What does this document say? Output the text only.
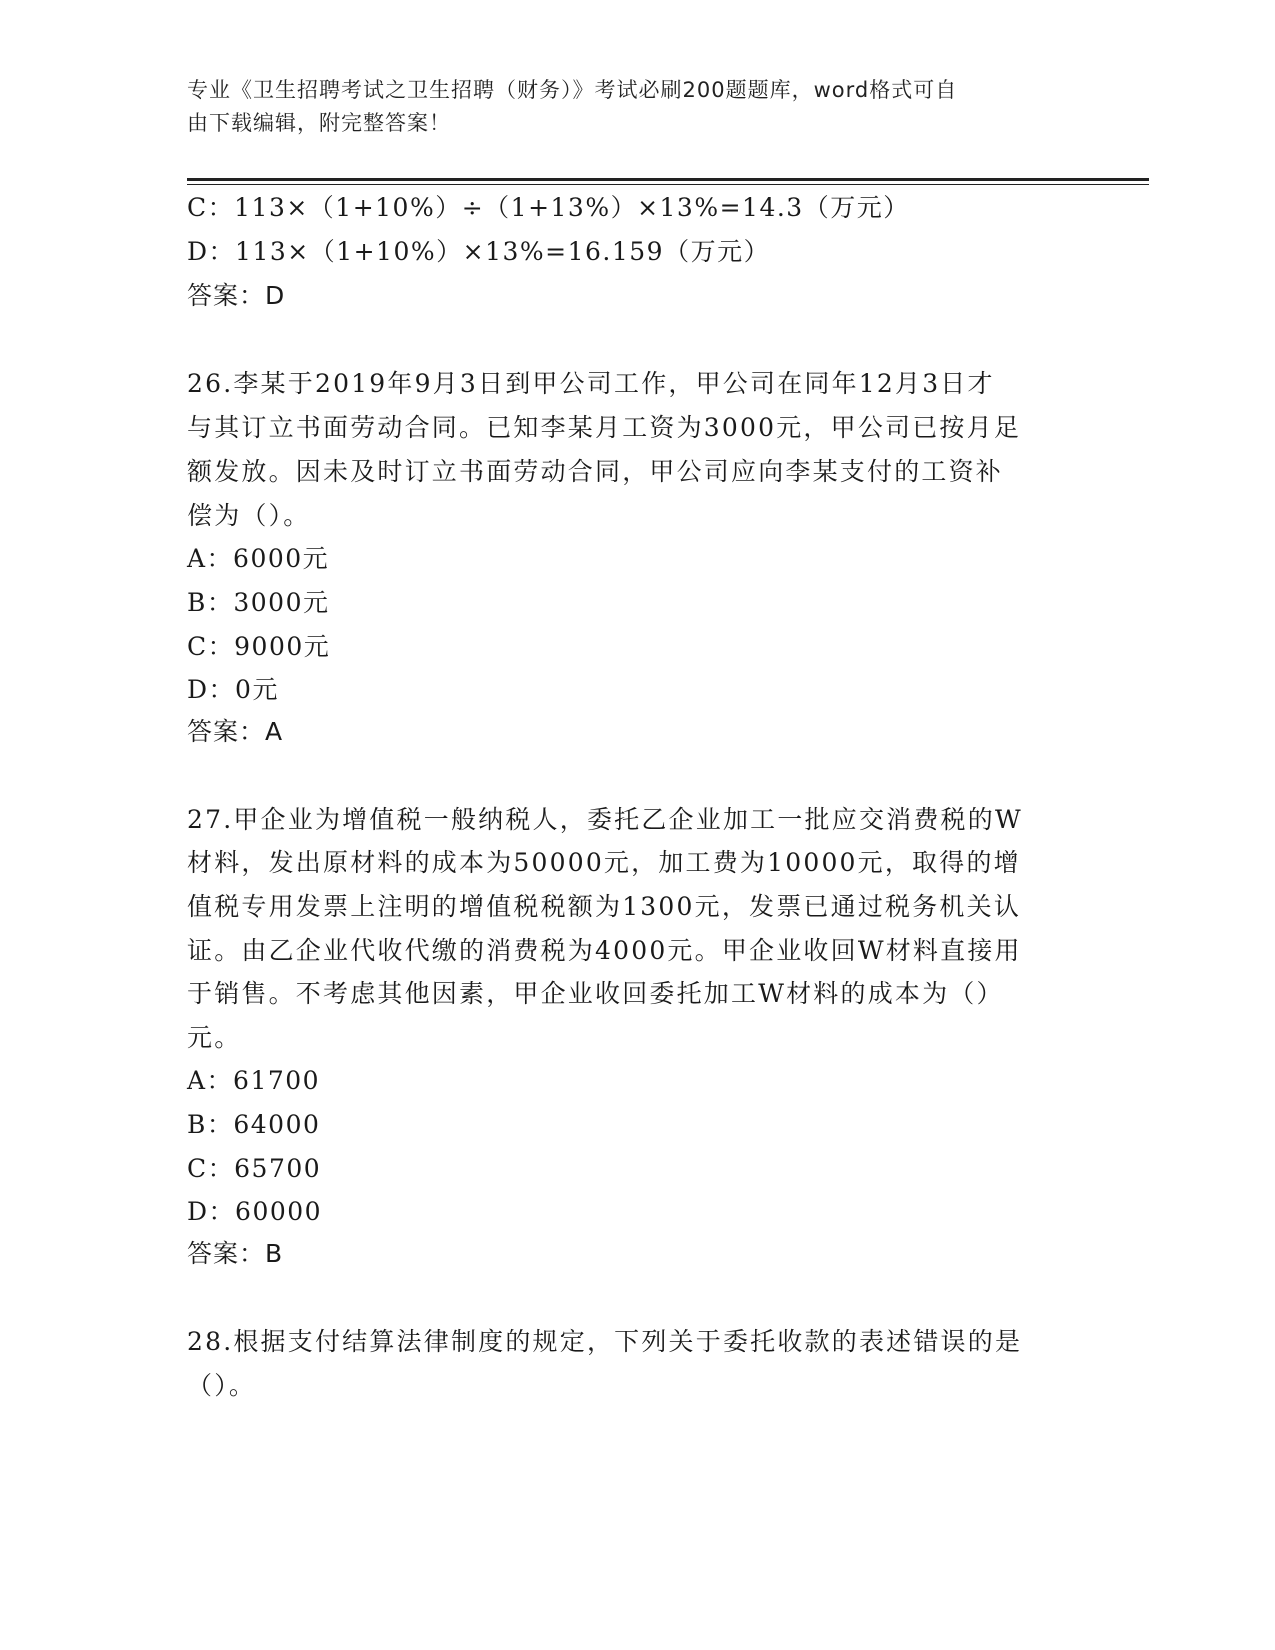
专业《卫生招聘考试之卫生招聘（财务）》考试必刷200题题库，word格式可自
由下载编辑，附完整答案！
C：113×（1+10%）÷（1+13%）×13%=14.3（万元）
D：113×（1+10%）×13%=16.159（万元）
答案：D
26.李某于2019年9月3日到甲公司工作，甲公司在同年12月3日才
与其订立书面劳动合同。已知李某月工资为3000元，甲公司已按月足
额发放。因未及时订立书面劳动合同，甲公司应向李某支付的工资补
偿为（）。
A：6000元
B：3000元
C：9000元
D：0元
答案：A
27.甲企业为增值税一般纳税人，委托乙企业加工一批应交消费税的W
材料，发出原材料的成本为50000元，加工费为10000元，取得的增
值税专用发票上注明的增值税税额为1300元，发票已通过税务机关认
证。由乙企业代收代缴的消费税为4000元。甲企业收回W材料直接用
于销售。不考虑其他因素，甲企业收回委托加工W材料的成本为（）
元。
A：61700
B：64000
C：65700
D：60000
答案：B
28.根据支付结算法律制度的规定，下列关于委托收款的表述错误的是
（）。
